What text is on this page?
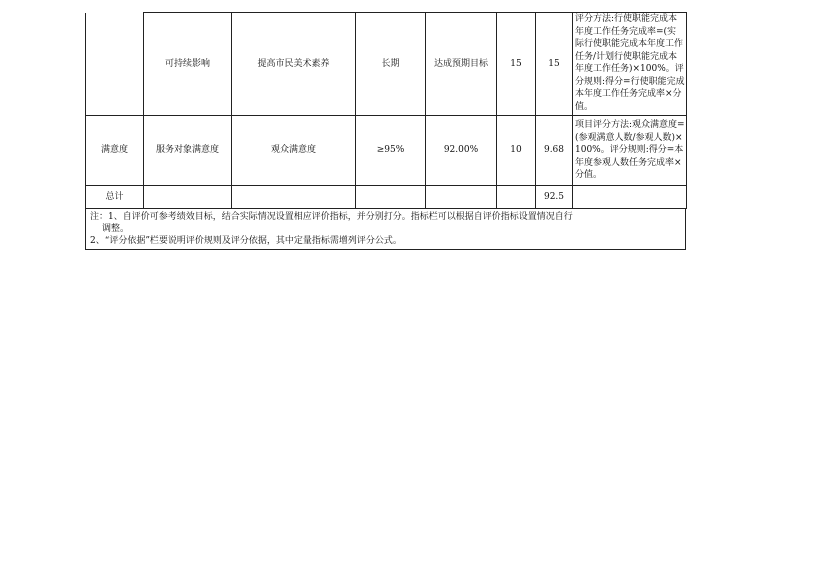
	可持续影响	提高市民美术素养	长期	达成预期目标	15	15	评分方法:行使职能完成本年度工作任务完成率=(实际行使职能完成本年度工作任务/计划行使职能完成本年度工作任务)×100%。评分规则:得分=行使职能完成本年度工作任务完成率×分值。
满意度	服务对象满意度	观众满意度	≥95%	92.00%	10	9.68	项目评分方法:观众满意度=(参观满意人数/参观人数)×100%。评分规则:得分=本年度参观人数任务完成率×分值。
总计						92.5	
注：1、自评价可参考绩效目标，结合实际情况设置相应评价指标，并分别打分。指标栏可以根据自评价指标设置情况自行
调整。
2、“评分依据”栏要说明评价规则及评分依据，其中定量指标需增列评分公式。
